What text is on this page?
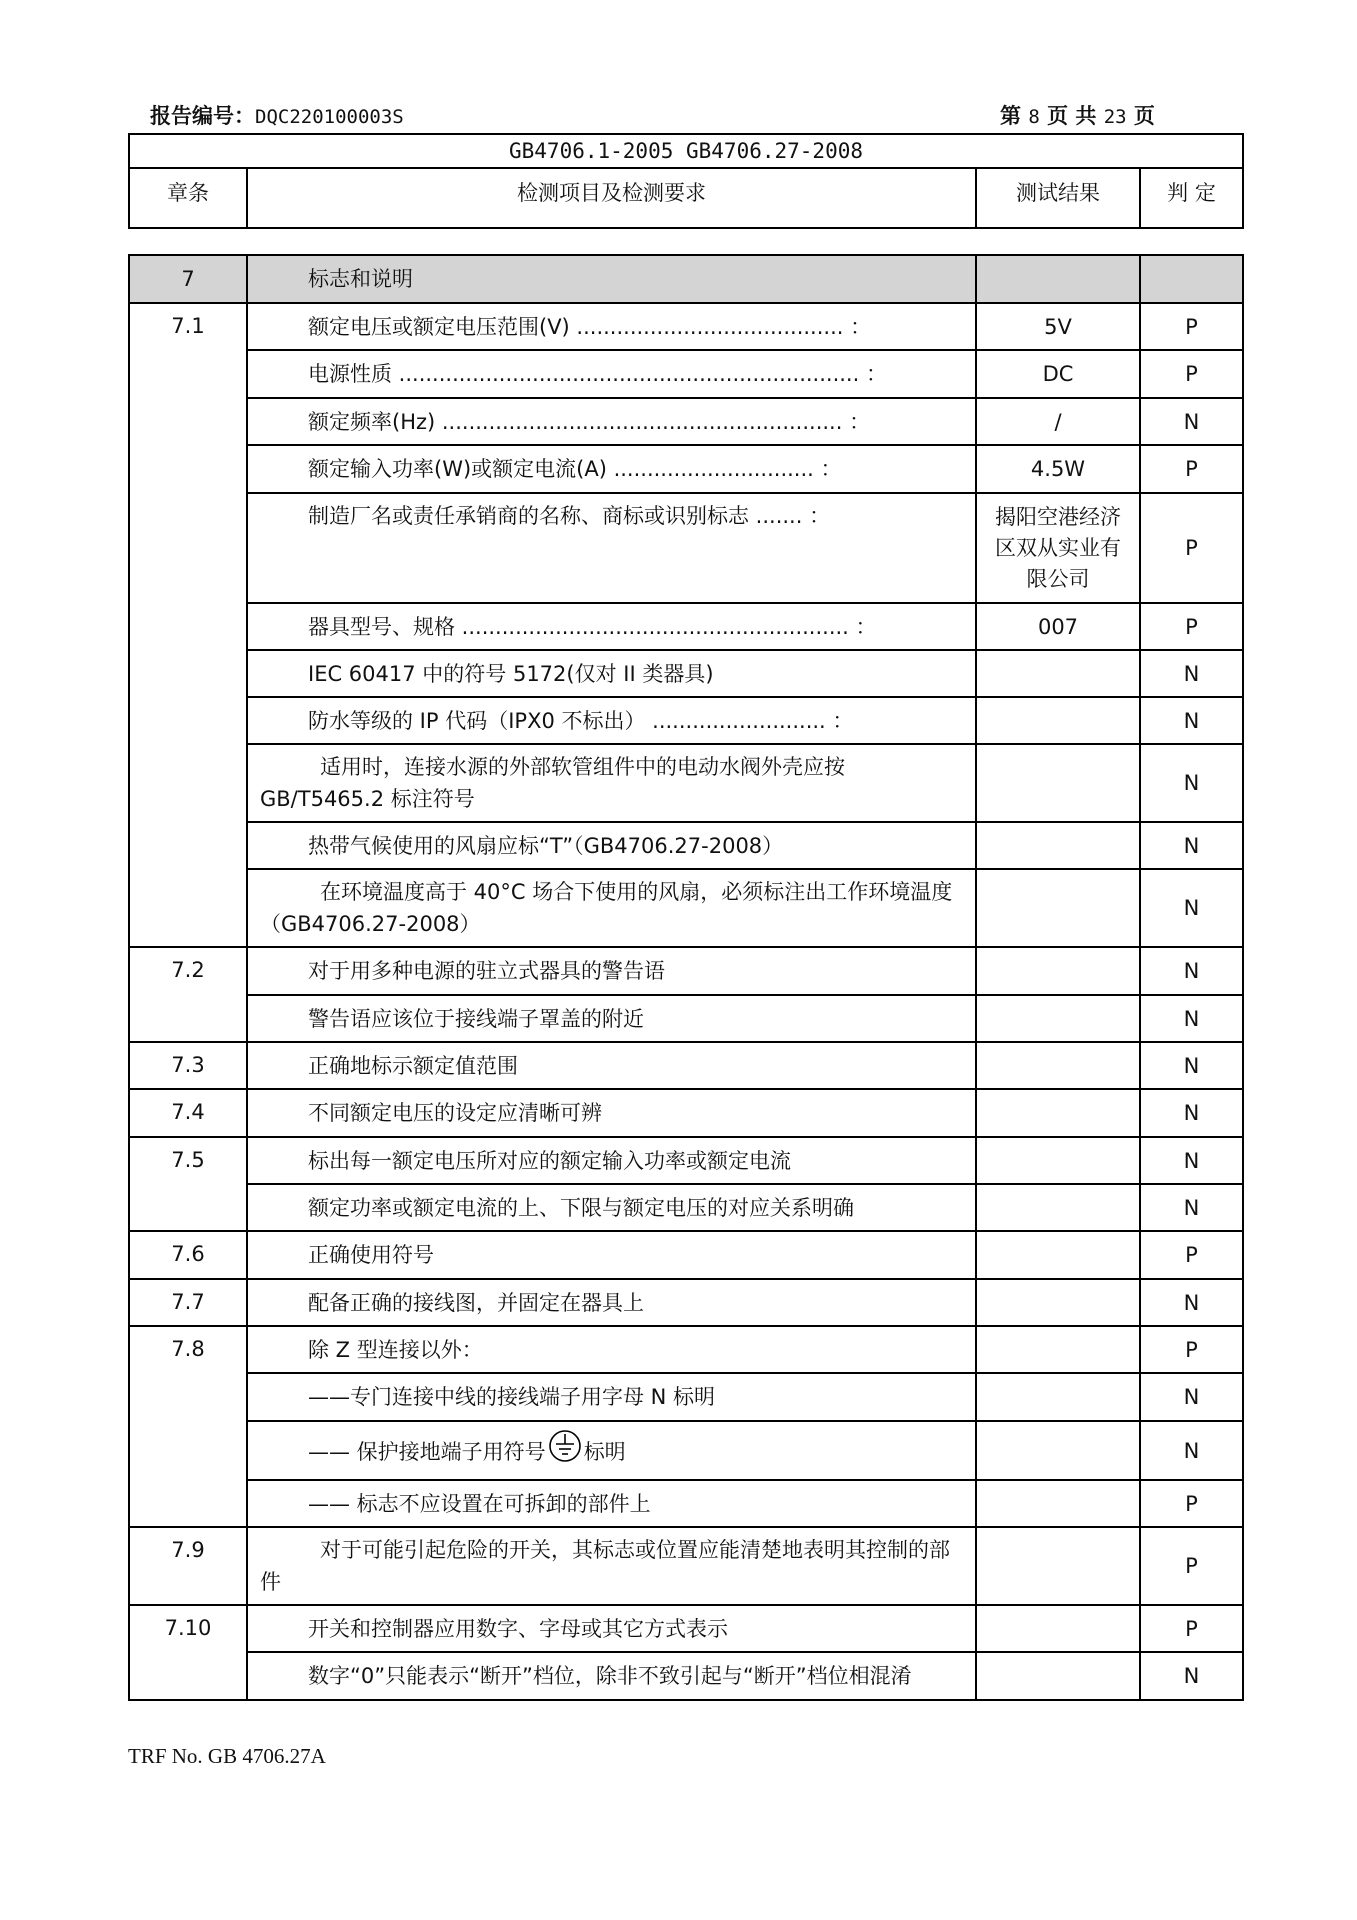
报告编号：DQC220100003S	第 8 页 共 23 页
GB4706.1-2005 GB4706.27-2008
章条	检测项目及检测要求	测试结果	判 定
7	标志和说明		
7.1	额定电压或额定电压范围(V) ........................................ ：	5V	P
	电源性质 ..................................................................... ：	DC	P
	额定频率(Hz) ............................................................ ：	/	N
	额定输入功率(W)或额定电流(A) .............................. ：	4.5W	P
	制造厂名或责任承销商的名称、商标或识别标志 ....... ：	揭阳空港经济区双从实业有限公司	P
	器具型号、规格 .......................................................... ：	007	P
	IEC 60417 中的符号 5172(仅对 II 类器具)		N
	防水等级的 IP 代码（IPX0 不标出） .......................... ：		N
	适用时，连接水源的外部软管组件中的电动水阀外壳应按GB/T5465.2 标注符号		N
	热带气候使用的风扇应标“T”（GB4706.27-2008）		N
	在环境温度高于 40°C 场合下使用的风扇，必须标注出工作环境温度（GB4706.27-2008）		N
7.2	对于用多种电源的驻立式器具的警告语		N
	警告语应该位于接线端子罩盖的附近		N
7.3	正确地标示额定值范围		N
7.4	不同额定电压的设定应清晰可辨		N
7.5	标出每一额定电压所对应的额定输入功率或额定电流		N
	额定功率或额定电流的上、下限与额定电压的对应关系明确		N
7.6	正确使用符号		P
7.7	配备正确的接线图，并固定在器具上		N
7.8	除 Z 型连接以外：		P
	——专门连接中线的接线端子用字母 N 标明		N
	—— 保护接地端子用符号 标明		N
	—— 标志不应设置在可拆卸的部件上		P
7.9	对于可能引起危险的开关，其标志或位置应能清楚地表明其控制的部件		P
7.10	开关和控制器应用数字、字母或其它方式表示		P
	数字“0”只能表示“断开”档位，除非不致引起与“断开”档位相混淆		N
TRF No. GB 4706.27A
